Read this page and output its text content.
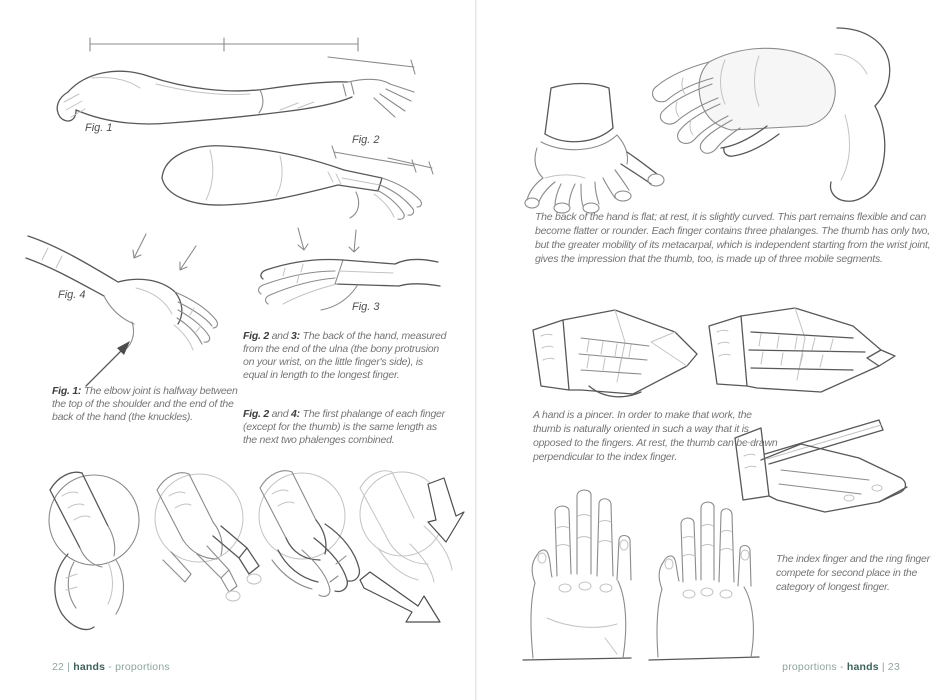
Fig. 1
Fig. 2
Fig. 4
Fig. 3

Fig. 1: The elbow joint is halfway between the top of the shoulder and the end of the back of the hand (the knuckles).

Fig. 2 and 3: The back of the hand, measured from the end of the ulna (the bony protrusion on your wrist, on the little finger's side), is equal in length to the longest finger.

Fig. 2 and 4: The first phalange of each finger (except for the thumb) is the same length as the next two phalenges combined.

22 | hands - proportions

The back of the hand is flat; at rest, it is slightly curved. This part remains flexible and can become flatter or rounder. Each finger contains three phalanges. The thumb has only two, but the greater mobility of its metacarpal, which is independent starting from the wrist joint, gives the impression that the thumb, too, is made up of three mobile segments.

A hand is a pincer. In order to make that work, the thumb is naturally oriented in such a way that it is opposed to the fingers. At rest, the thumb can be drawn perpendicular to the index finger.

The index finger and the ring finger compete for second place in the category of longest finger.

proportions - hands | 23
